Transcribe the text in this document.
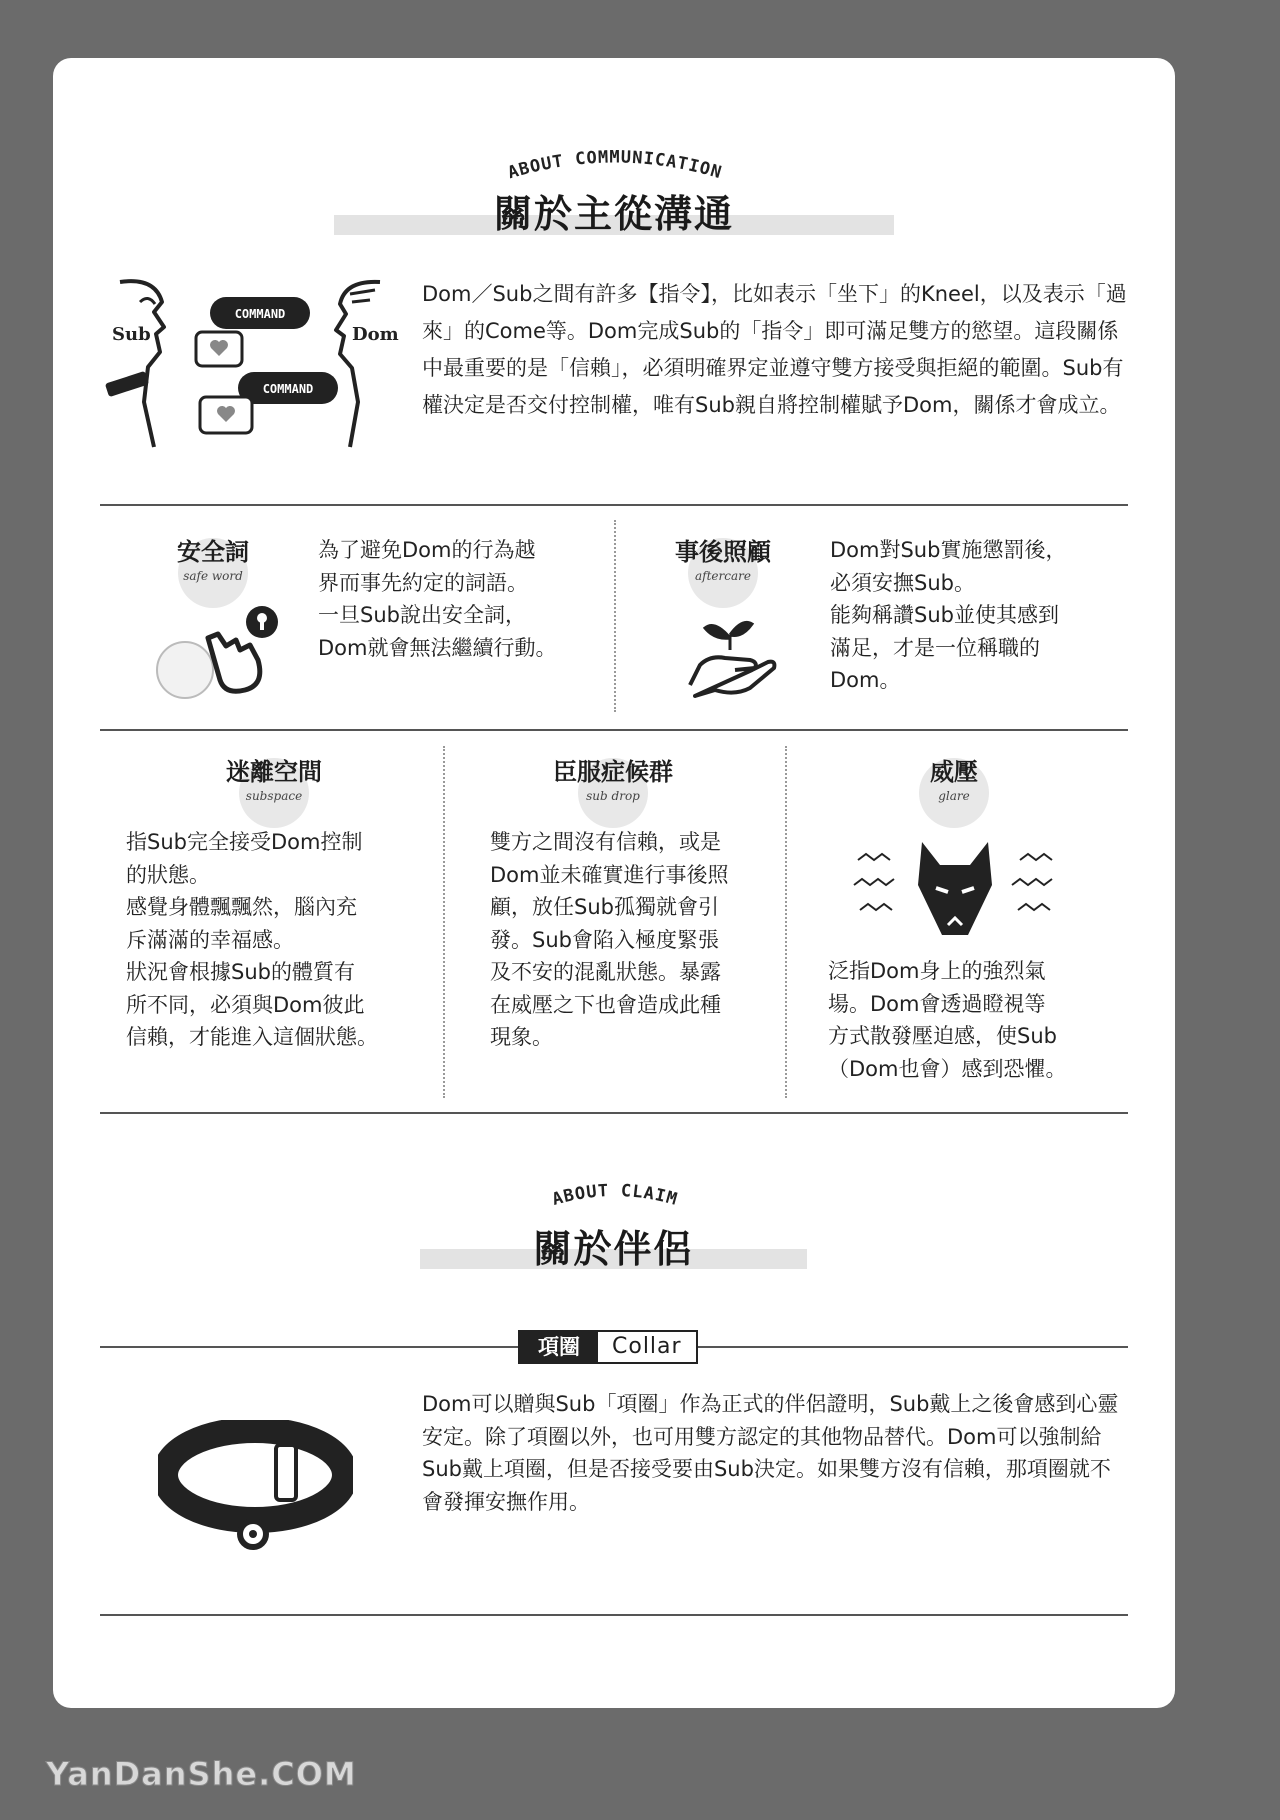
ABOUT COMMUNICATION
關於主從溝通
Sub	Dom
COMMAND
COMMAND
Dom／Sub之間有許多【指令】，比如表示「坐下」的Kneel，以及表示「過來」的Come等。Dom完成Sub的「指令」即可滿足雙方的慾望。這段關係中最重要的是「信賴」，必須明確界定並遵守雙方接受與拒絕的範圍。Sub有權決定是否交付控制權，唯有Sub親自將控制權賦予Dom，關係才會成立。
安全詞
safe word
為了避免Dom的行為越
界而事先約定的詞語。
一旦Sub說出安全詞，
Dom就會無法繼續行動。
事後照顧
aftercare
Dom對Sub實施懲罰後，
必須安撫Sub。
能夠稱讚Sub並使其感到
滿足，才是一位稱職的
Dom。
迷離空間
subspace
指Sub完全接受Dom控制
的狀態。
感覺身體飄飄然，腦內充
斥滿滿的幸福感。
狀況會根據Sub的體質有
所不同，必須與Dom彼此
信賴，才能進入這個狀態。
臣服症候群
sub drop
雙方之間沒有信賴，或是
Dom並未確實進行事後照
顧，放任Sub孤獨就會引
發。Sub會陷入極度緊張
及不安的混亂狀態。暴露
在威壓之下也會造成此種
現象。
威壓
glare
泛指Dom身上的強烈氣
場。Dom會透過瞪視等
方式散發壓迫感，使Sub
（Dom也會）感到恐懼。
ABOUT CLAIM
關於伴侶
項圈	Collar
Dom可以贈與Sub「項圈」作為正式的伴侶證明，Sub戴上之後會感到心靈安定。除了項圈以外，也可用雙方認定的其他物品替代。Dom可以強制給Sub戴上項圈，但是否接受要由Sub決定。如果雙方沒有信賴，那項圈就不會發揮安撫作用。
YanDanShe.COM
